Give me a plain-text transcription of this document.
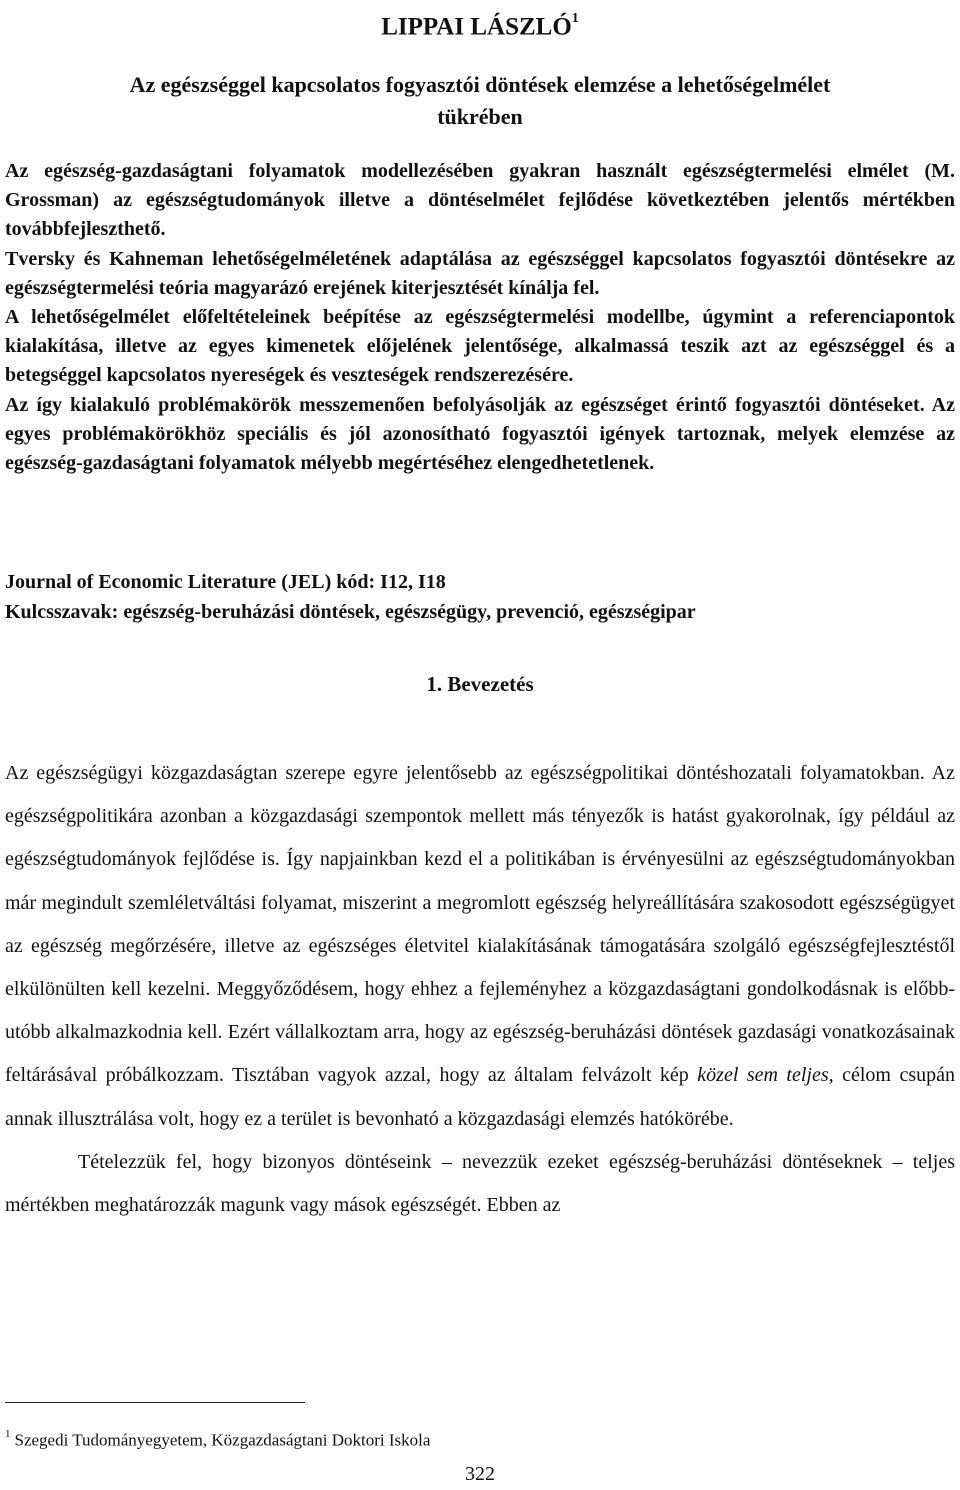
LIPPAI LÁSZLÓ$^1$
Az egészséggel kapcsolatos fogyasztói döntések elemzése a lehetőségelmélet
tükrében

Az egészség-gazdaságtani folyamatok modellezésében gyakran használt egészségtermelési elmélet (M. Grossman) az egészségtudományok illetve a döntéselmélet fejlődése következtében jelentős mértékben továbbfejleszthető.

Tversky és Kahneman lehetőségelméletének adaptálása az egészséggel kapcsolatos fogyasztói döntésekre az egészségtermelési teória magyarázó erejének kiterjesztését kínálja fel.

A lehetőségelmélet előfeltételeinek beépítése az egészségtermelési modellbe, úgymint a referenciapontok kialakítása, illetve az egyes kimenetek előjelének jelentősége, alkalmassá teszik azt az egészséggel és a betegséggel kapcsolatos nyereségek és veszteségek rendszerezésére.

Az így kialakuló problémakörök messzemenően befolyásolják az egészséget érintő fogyasztói döntéseket. Az egyes problémakörökhöz speciális és jól azonosítható fogyasztói igények tartoznak, melyek elemzése az egészség-gazdaságtani folyamatok mélyebb megértéséhez elengedhetetlenek.

Journal of Economic Literature (JEL) kód: I12, I18
Kulcsszavak: egészség-beruházási döntések, egészségügy, prevenció, egészségipar
1. Bevezetés

Az egészségügyi közgazdaságtan szerepe egyre jelentősebb az egészségpolitikai döntéshozatali folyamatokban. Az egészségpolitikára azonban a közgazdasági szempontok mellett más tényezők is hatást gyakorolnak, így például az egészségtudományok fejlődése is. Így napjainkban kezd el a politikában is érvényesülni az egészségtudományokban már megindult szemléletváltási folyamat, miszerint a megromlott egészség helyreállítására szakosodott egészségügyet az egészség megőrzésére, illetve az egészséges életvitel kialakításának támogatására szolgáló egészségfejlesztéstől elkülönülten kell kezelni. Meggyőződésem, hogy ehhez a fejleményhez a közgazdaságtani gondolkodásnak is előbb-utóbb alkalmazkodnia kell. Ezért vállalkoztam arra, hogy az egészség-beruházási döntések gazdasági vonatkozásainak feltárásával próbálkozzam. Tisztában vagyok azzal, hogy az általam felvázolt kép közel sem teljes, célom csupán annak illusztrálása volt, hogy ez a terület is bevonható a közgazdasági elemzés hatókörébe.

Tételezzük fel, hogy bizonyos döntéseink – nevezzük ezeket egészség-beruházási döntéseknek – teljes mértékben meghatározzák magunk vagy mások egészségét. Ebben az

$^1$ Szegedi Tudományegyetem, Közgazdaságtani Doktori Iskola
322
